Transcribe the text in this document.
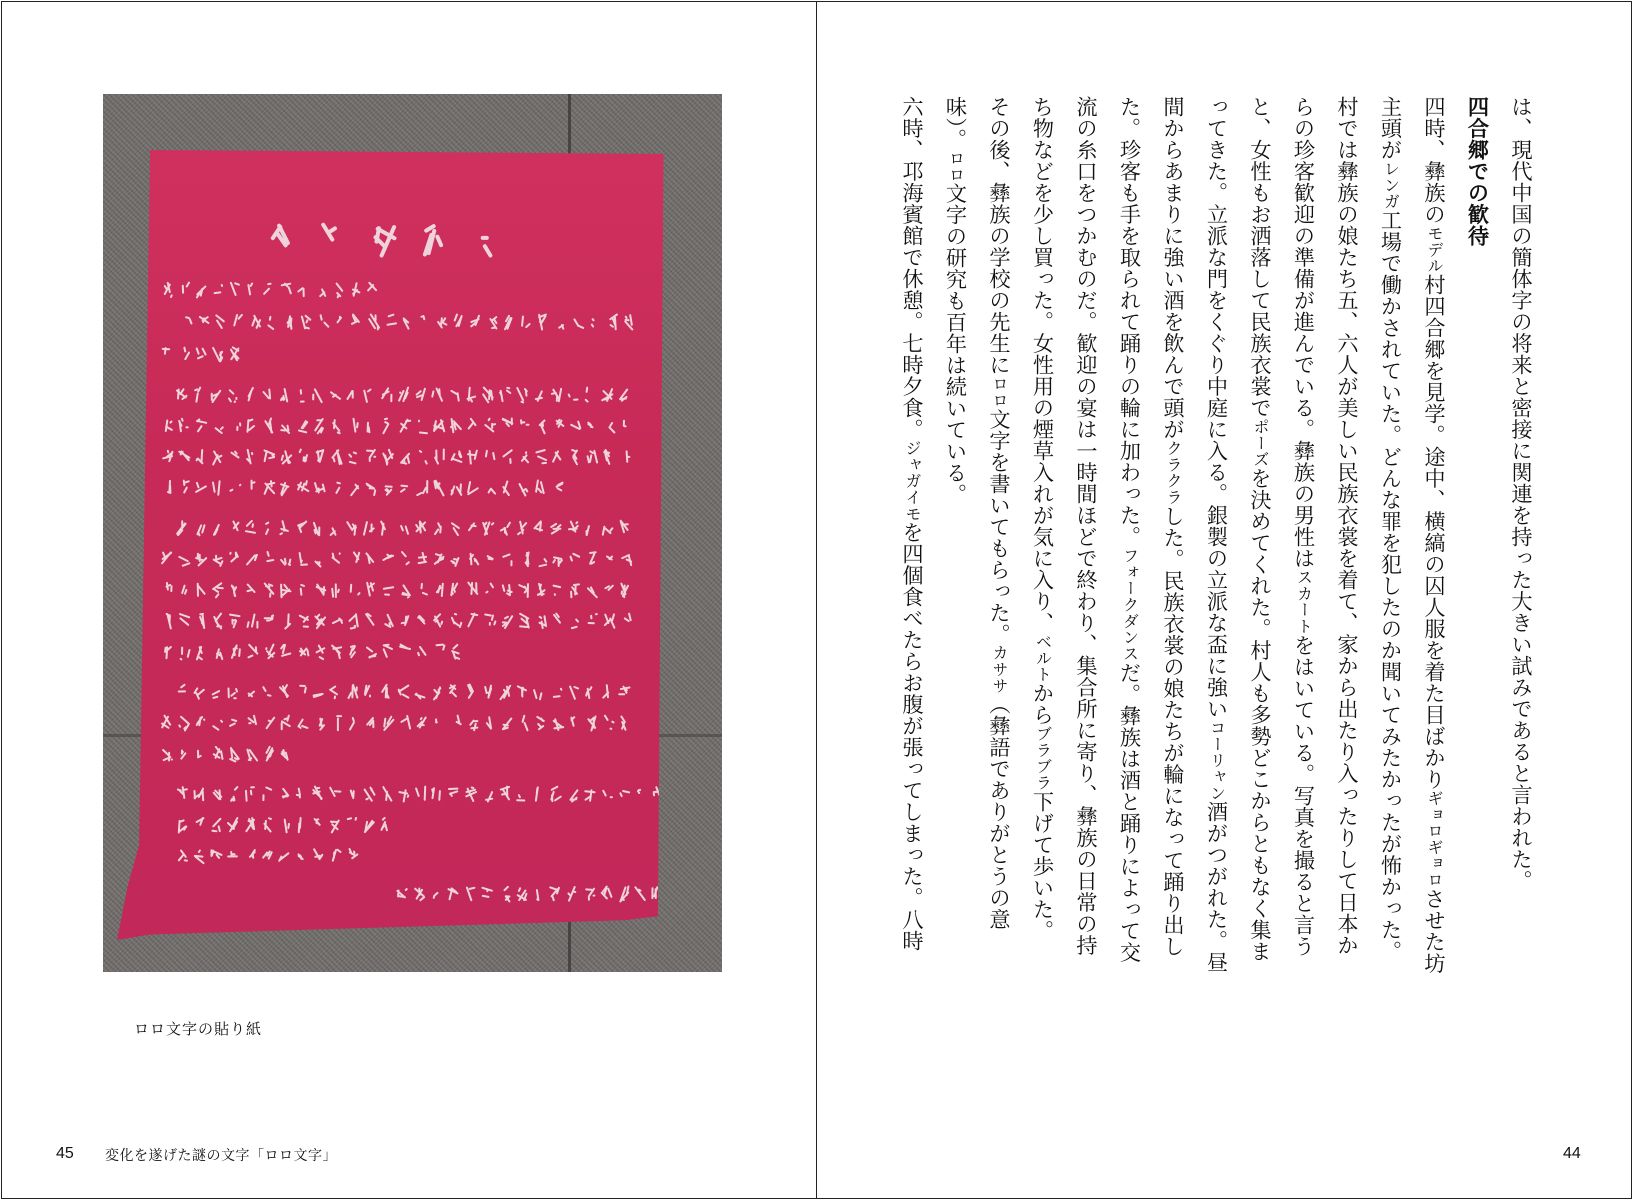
ロロ文字の貼り紙
45 変化を遂げた謎の文字「ロロ文字」

は、現代中国の簡体字の将来と密接に関連を持った大きい試みであると言われた。

四合郷での歓待

四時、彝族のモデル村四合郷を見学。途中、横縞の囚人服を着た目ばかりギョロギョロさせた坊主頭がレンガ工場で働かされていた。どんな罪を犯したのか聞いてみたかったが怖かった。村では彝族の娘たち五、六人が美しい民族衣裳を着て、家から出たり入ったりして日本からの珍客歓迎の準備が進んでいる。彝族の男性はスカートをはいている。写真を撮ると言うと、女性もお洒落して民族衣裳でポーズを決めてくれた。村人も多勢どこからともなく集まってきた。立派な門をくぐり中庭に入る。銀製の立派な盃に強いコーリャン酒がつがれた。昼間からあまりに強い酒を飲んで頭がクラクラした。民族衣裳の娘たちが輪になって踊り出した。珍客も手を取られて踊りの輪に加わった。フォークダンスだ。彝族は酒と踊りによって交流の糸口をつかむのだ。歓迎の宴は一時間ほどで終わり、集合所に寄り、彝族の日常の持ち物などを少し買った。女性用の煙草入れが気に入り、ベルトからブラブラ下げて歩いた。

その後、彝族の学校の先生にロロ文字を書いてもらった。カササ（彝語でありがとうの意味）。ロロ文字の研究も百年は続いている。

六時、邛海賓館で休憩。七時夕食。ジャガイモを四個食べたらお腹が張ってしまった。八時

44
